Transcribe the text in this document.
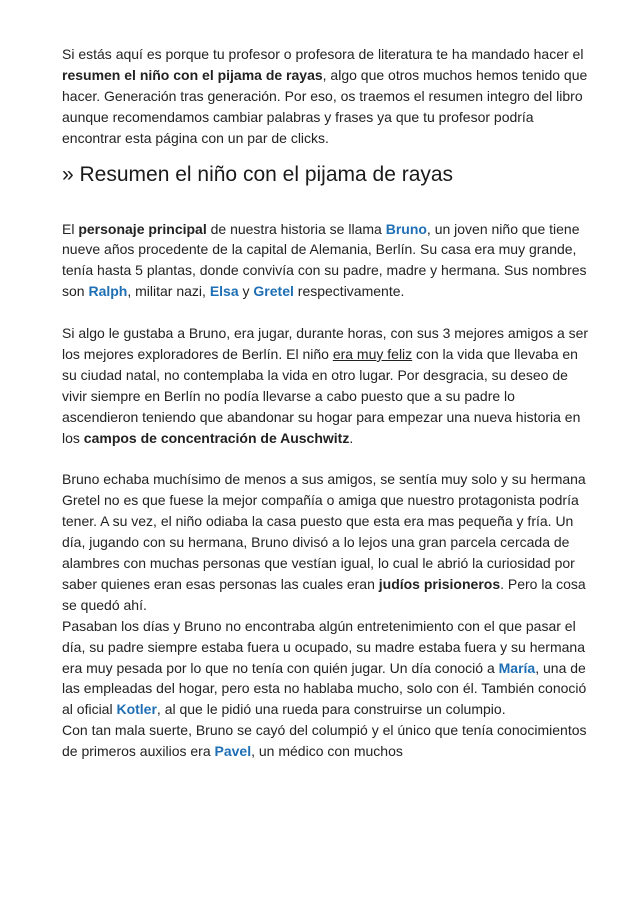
Si estás aquí es porque tu profesor o profesora de literatura te ha mandado hacer el resumen el niño con el pijama de rayas, algo que otros muchos hemos tenido que hacer. Generación tras generación. Por eso, os traemos el resumen integro del libro aunque recomendamos cambiar palabras y frases ya que tu profesor podría encontrar esta página con un par de clicks.

» Resumen el niño con el pijama de rayas

El personaje principal de nuestra historia se llama Bruno, un joven niño que tiene nueve años procedente de la capital de Alemania, Berlín. Su casa era muy grande, tenía hasta 5 plantas, donde convivía con su padre, madre y hermana. Sus nombres son Ralph, militar nazi, Elsa y Gretel respectivamente.

Si algo le gustaba a Bruno, era jugar, durante horas, con sus 3 mejores amigos a ser los mejores exploradores de Berlín. El niño era muy feliz con la vida que llevaba en su ciudad natal, no contemplaba la vida en otro lugar. Por desgracia, su deseo de vivir siempre en Berlín no podía llevarse a cabo puesto que a su padre lo ascendieron teniendo que abandonar su hogar para empezar una nueva historia en los campos de concentración de Auschwitz.

Bruno echaba muchísimo de menos a sus amigos, se sentía muy solo y su hermana Gretel no es que fuese la mejor compañía o amiga que nuestro protagonista podría tener. A su vez, el niño odiaba la casa puesto que esta era mas pequeña y fría. Un día, jugando con su hermana, Bruno divisó a lo lejos una gran parcela cercada de alambres con muchas personas que vestían igual, lo cual le abrió la curiosidad por saber quienes eran esas personas las cuales eran judíos prisioneros. Pero la cosa se quedó ahí.

Pasaban los días y Bruno no encontraba algún entretenimiento con el que pasar el día, su padre siempre estaba fuera u ocupado, su madre estaba fuera y su hermana era muy pesada por lo que no tenía con quién jugar. Un día conoció a María, una de las empleadas del hogar, pero esta no hablaba mucho, solo con él. También conoció al oficial Kotler, al que le pidió una rueda para construirse un columpio.

Con tan mala suerte, Bruno se cayó del columpió y el único que tenía conocimientos de primeros auxilios era Pavel, un médico con muchos
